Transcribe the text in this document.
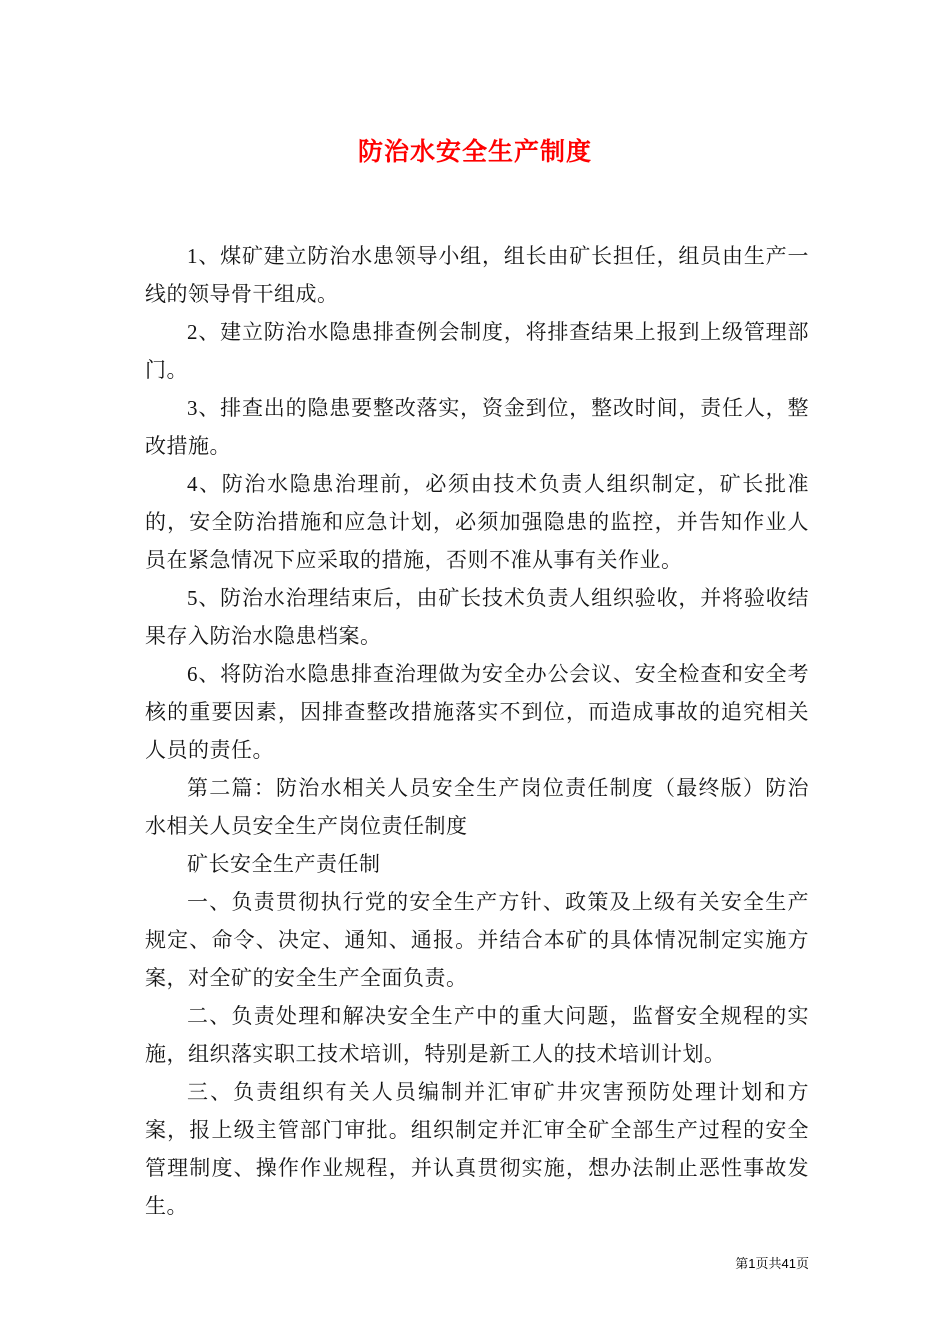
防治水安全生产制度

1、煤矿建立防治水患领导小组，组长由矿长担任，组员由生产一线的领导骨干组成。

2、建立防治水隐患排查例会制度，将排查结果上报到上级管理部门。

3、排查出的隐患要整改落实，资金到位，整改时间，责任人，整改措施。

4、防治水隐患治理前，必须由技术负责人组织制定，矿长批准的，安全防治措施和应急计划，必须加强隐患的监控，并告知作业人员在紧急情况下应采取的措施，否则不准从事有关作业。

5、防治水治理结束后，由矿长技术负责人组织验收，并将验收结果存入防治水隐患档案。

6、将防治水隐患排查治理做为安全办公会议、安全检查和安全考核的重要因素，因排查整改措施落实不到位，而造成事故的追究相关人员的责任。

第二篇：防治水相关人员安全生产岗位责任制度（最终版）防治水相关人员安全生产岗位责任制度

矿长安全生产责任制

一、负责贯彻执行党的安全生产方针、政策及上级有关安全生产规定、命令、决定、通知、通报。并结合本矿的具体情况制定实施方案，对全矿的安全生产全面负责。

二、负责处理和解决安全生产中的重大问题，监督安全规程的实施，组织落实职工技术培训，特别是新工人的技术培训计划。

三、负责组织有关人员编制并汇审矿井灾害预防处理计划和方案，报上级主管部门审批。组织制定并汇审全矿全部生产过程的安全管理制度、操作作业规程，并认真贯彻实施，想办法制止恶性事故发生。

第1页共41页
